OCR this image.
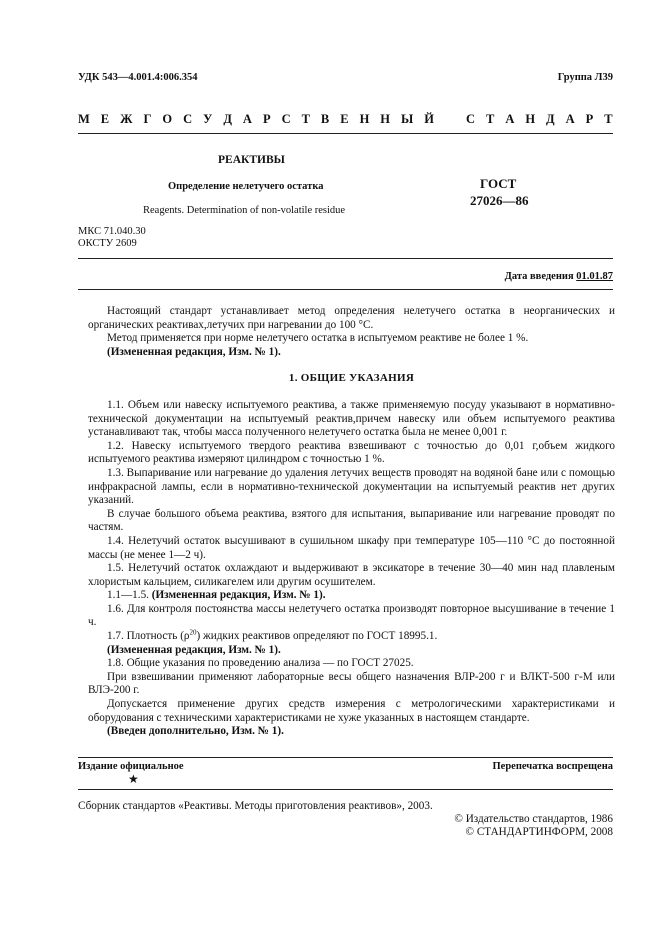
УДК 543—4.001.4:006.354	Группа Л39
М Е Ж Г О С У Д А Р С Т В Е Н Н Ы Й	С Т А Н Д А Р Т
РЕАКТИВЫ
Определение нелетучего остатка	ГОСТ
27026—86
Reagents. Determination of non-volatile residue
МКС 71.040.30
ОКСТУ 2609
Дата введения 01.01.87

Настоящий стандарт устанавливает метод определения нелетучего остатка в неорганических и органических реактивах,летучих при нагревании до 100 °С.

Метод применяется при норме нелетучего остатка в испытуемом реактиве не более 1 %.

(Измененная редакция, Изм. № 1).

1. ОБЩИЕ УКАЗАНИЯ

1.1. Объем или навеску испытуемого реактива, а также применяемую посуду указывают в нормативно-технической документации на испытуемый реактив,причем навеску или объем испытуемого реактива устанавливают так, чтобы масса полученного нелетучего остатка была не менее 0,001 г.

1.2. Навеску испытуемого твердого реактива взвешивают с точностью до 0,01 г,объем жидкого испытуемого реактива измеряют цилиндром с точностью 1 %.

1.3. Выпаривание или нагревание до удаления летучих веществ проводят на водяной бане или с помощью инфракрасной лампы, если в нормативно-технической документации на испытуемый реактив нет других указаний.

В случае большого объема реактива, взятого для испытания, выпаривание или нагревание проводят по частям.

1.4. Нелетучий остаток высушивают в сушильном шкафу при температуре 105—110 °С до постоянной массы (не менее 1—2 ч).

1.5. Нелетучий остаток охлаждают и выдерживают в эксикаторе в течение 30—40 мин над плавленым хлористым кальцием, силикагелем или другим осушителем.

1.1—1.5. (Измененная редакция, Изм. № 1).

1.6. Для контроля постоянства массы нелетучего остатка производят повторное высушивание в течение 1 ч.

1.7. Плотность $(\rho^{20})$ жидких реактивов определяют по ГОСТ 18995.1.

(Измененная редакция, Изм. № 1).

1.8. Общие указания по проведению анализа — по ГОСТ 27025.

При взвешивании применяют лабораторные весы общего назначения ВЛР-200 г и ВЛКТ-500 г-М или ВЛЭ-200 г.

Допускается применение других средств измерения с метрологическими характеристиками и оборудования с техническими характеристиками не хуже указанных в настоящем стандарте.

(Введен дополнительно, Изм. № 1).

Издание официальное
★
Перепечатка воспрещена
Сборник стандартов «Реактивы. Методы приготовления реактивов», 2003.
© Издательство стандартов, 1986
© СТАНДАРТИНФОРМ, 2008
